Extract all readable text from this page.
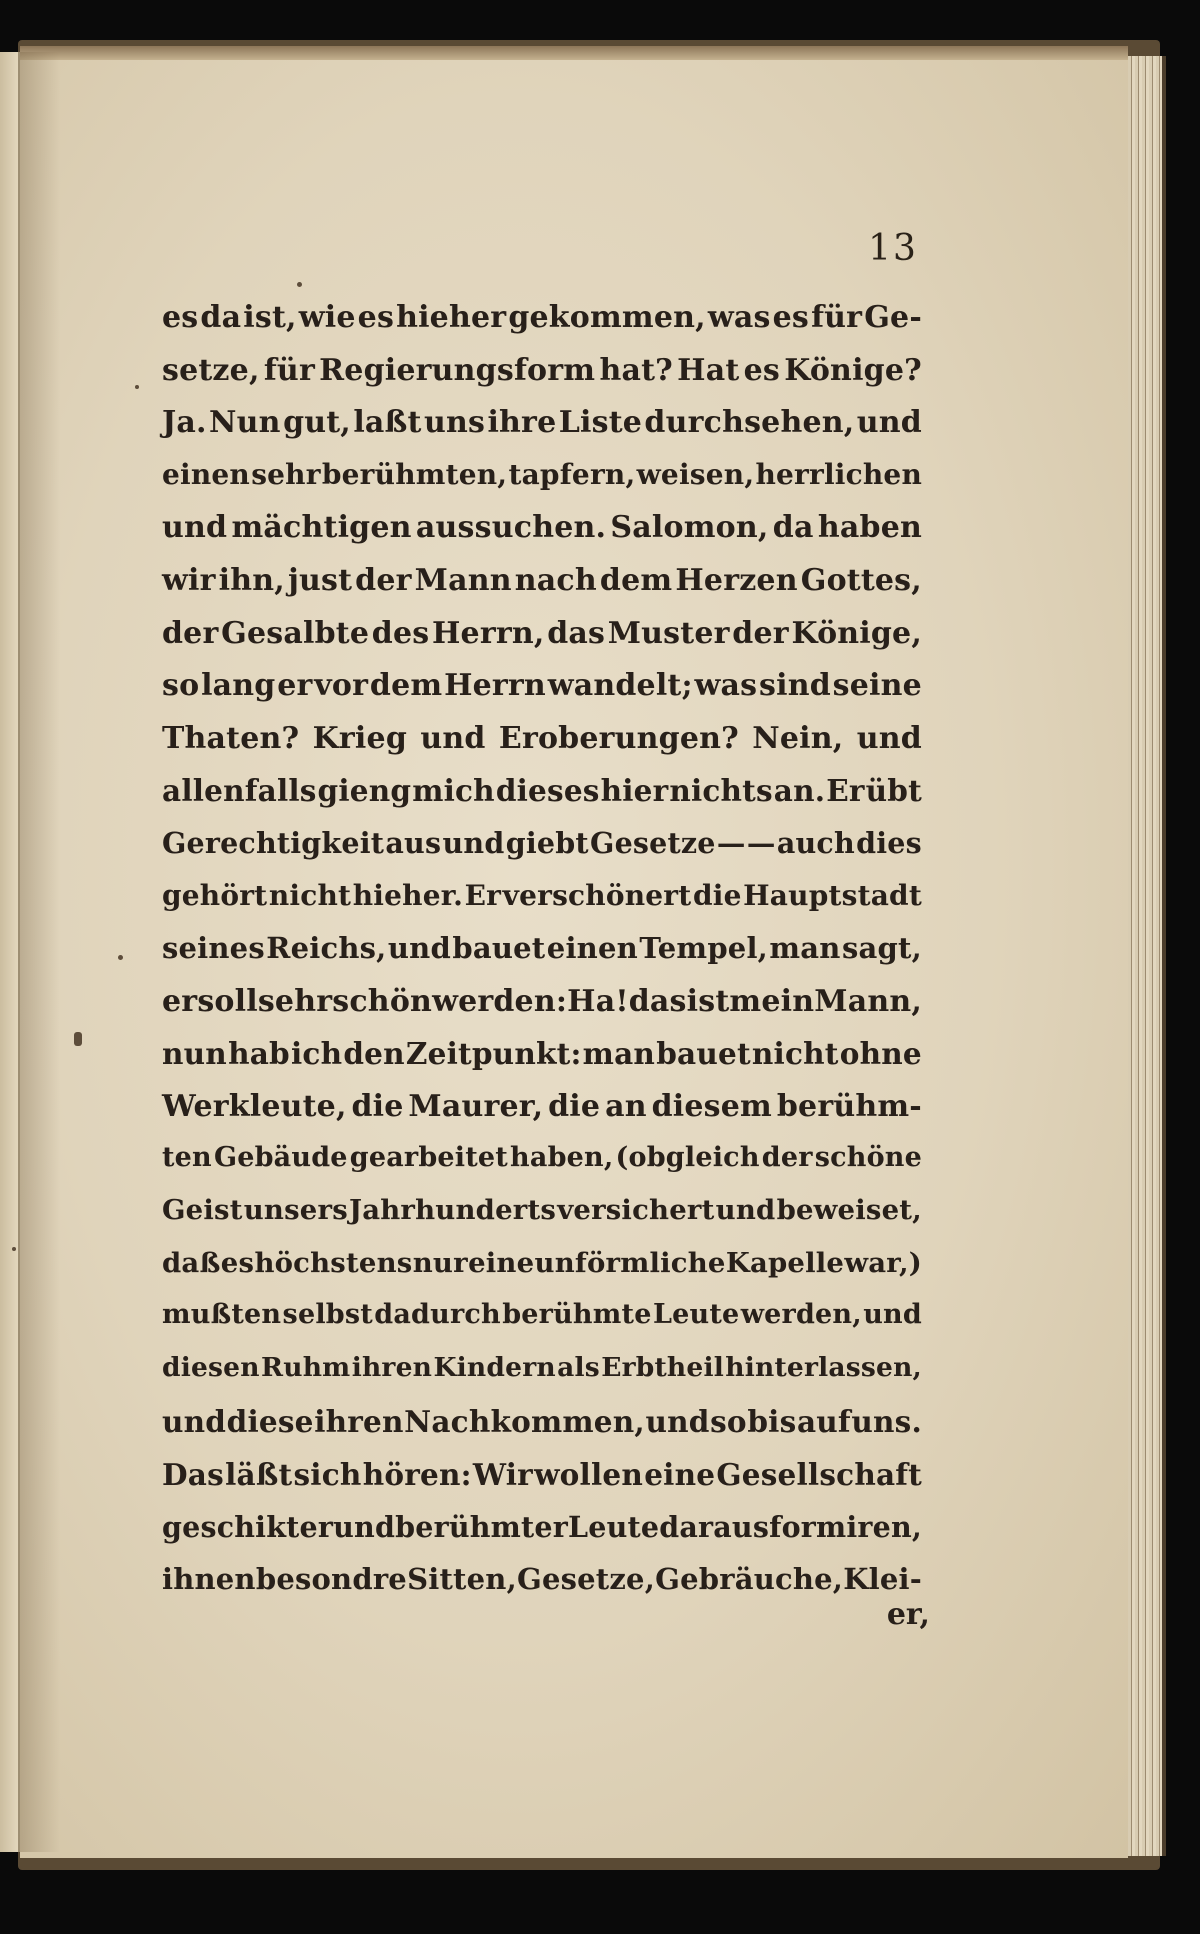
13
es da ist, wie es hieher gekommen, was es für Ge-
setze, für Regierungsform hat? Hat es Könige?
Ja. Nun gut, laßt uns ihre Liste durchsehen, und
einen sehr berühmten, tapfern, weisen, herrlichen
und mächtigen aussuchen. Salomon, da haben
wir ihn, just der Mann nach dem Herzen Gottes,
der Gesalbte des Herrn, das Muster der Könige,
so lang er vor dem Herrn wandelt; was sind seine
Thaten? Krieg und Eroberungen? Nein, und
allenfalls gieng mich dieses hier nichts an. Er übt
Gerechtigkeit aus und giebt Gesetze — — auch dies
gehört nicht hieher. Er verschönert die Hauptstadt
seines Reichs, und bauet einen Tempel, man sagt,
er soll sehr schön werden: Ha! das ist mein Mann,
nun hab ich den Zeitpunkt: man bauet nicht ohne
Werkleute, die Maurer, die an diesem berühm-
ten Gebäude gearbeitet haben, (obgleich der schöne
Geist unsers Jahrhunderts versichert und beweiset,
daß es höchstens nur eine unförmliche Kapelle war,)
mußten selbst dadurch berühmte Leute werden, und
diesen Ruhm ihren Kindern als Erbtheil hinterlassen,
und diese ihren Nachkommen, und so bis auf uns.
Das läßt sich hören: Wir wollen eine Gesellschaft
geschikter und berühmter Leute daraus formiren,
ihnen besondre Sitten, Gesetze, Gebräuche, Klei-
er,
